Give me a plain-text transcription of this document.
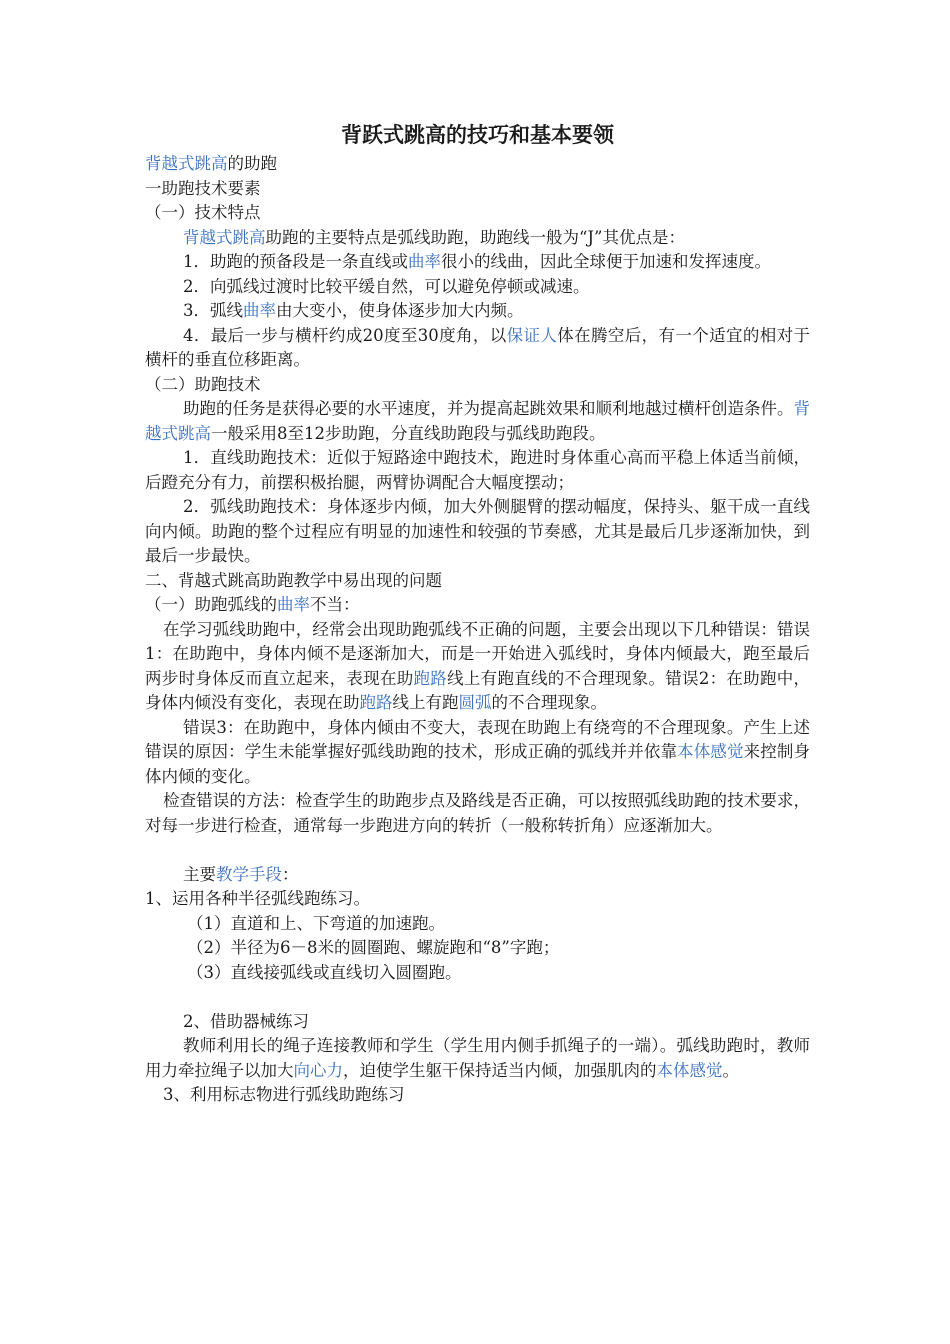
背跃式跳高的技巧和基本要领

背越式跳高的助跑

一助跑技术要素

（一）技术特点

背越式跳高助跑的主要特点是弧线助跑，助跑线一般为“J”其优点是：

1．助跑的预备段是一条直线或曲率很小的线曲，因此全球便于加速和发挥速度。

2．向弧线过渡时比较平缓自然，可以避免停顿或减速。

3．弧线曲率由大变小，使身体逐步加大内频。

4．最后一步与横杆约成20度至30度角，以保证人体在腾空后，有一个适宜的相对于横杆的垂直位移距离。

（二）助跑技术

助跑的任务是获得必要的水平速度，并为提高起跳效果和顺利地越过横杆创造条件。背越式跳高一般采用8至12步助跑，分直线助跑段与弧线助跑段。

1．直线助跑技术：近似于短路途中跑技术，跑进时身体重心高而平稳上体适当前倾，后蹬充分有力，前摆积极抬腿，两臂协调配合大幅度摆动；

2．弧线助跑技术：身体逐步内倾，加大外侧腿臂的摆动幅度，保持头、躯干成一直线向内倾。助跑的整个过程应有明显的加速性和较强的节奏感，尤其是最后几步逐渐加快，到最后一步最快。

二、背越式跳高助跑教学中易出现的问题

（一）助跑弧线的曲率不当：

在学习弧线助跑中，经常会出现助跑弧线不正确的问题，主要会出现以下几种错误：错误1：在助跑中，身体内倾不是逐渐加大，而是一开始进入弧线时，身体内倾最大，跑至最后两步时身体反而直立起来，表现在助跑路线上有跑直线的不合理现象。错误2：在助跑中，身体内倾没有变化，表现在助跑路线上有跑圆弧的不合理现象。

错误3：在助跑中，身体内倾由不变大，表现在助跑上有绕弯的不合理现象。产生上述错误的原因：学生未能掌握好弧线助跑的技术，形成正确的弧线并并依靠本体感觉来控制身体内倾的变化。

检查错误的方法：检查学生的助跑步点及路线是否正确，可以按照弧线助跑的技术要求，对每一步进行检查，通常每一步跑进方向的转折（一般称转折角）应逐渐加大。

主要教学手段：

1、运用各种半径弧线跑练习。

（1）直道和上、下弯道的加速跑。

（2）半径为6－8米的圆圈跑、螺旋跑和“8”字跑；

（3）直线接弧线或直线切入圆圈跑。

2、借助器械练习

教师利用长的绳子连接教师和学生（学生用内侧手抓绳子的一端）。弧线助跑时，教师用力牵拉绳子以加大向心力，迫使学生躯干保持适当内倾，加强肌肉的本体感觉。

3、利用标志物进行弧线助跑练习
